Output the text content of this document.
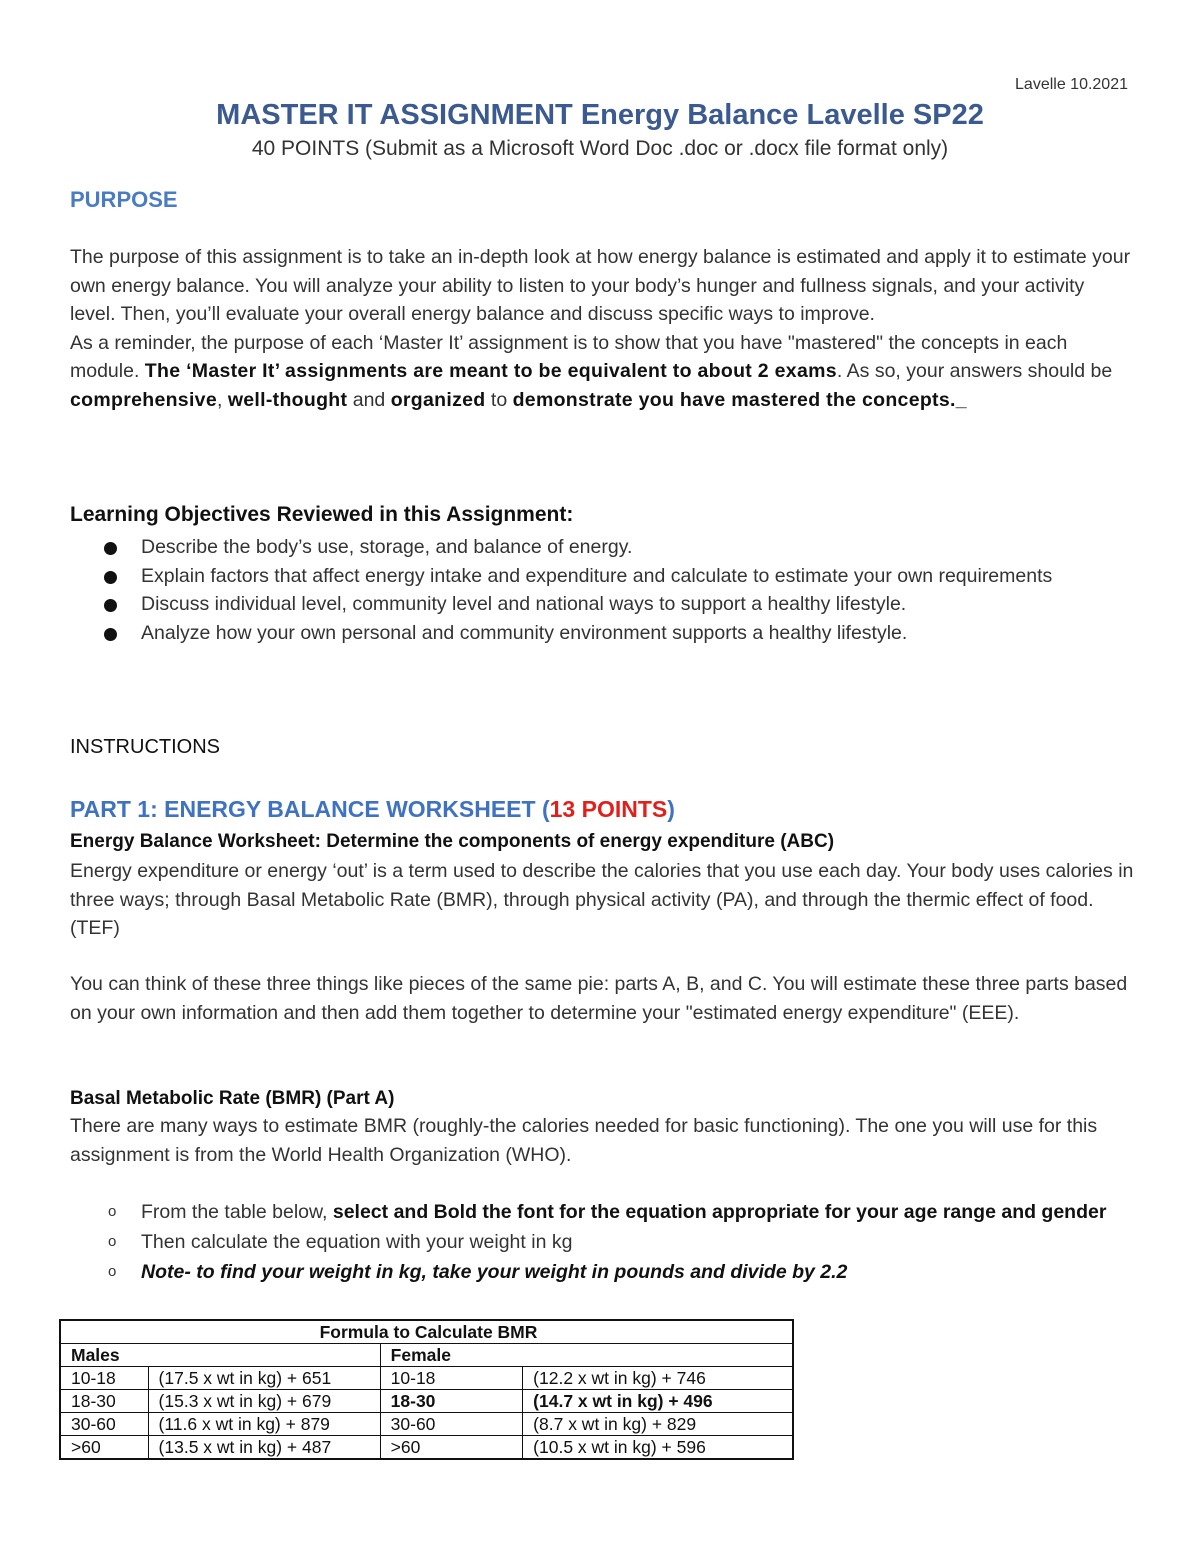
Lavelle 10.2021
MASTER IT ASSIGNMENT Energy Balance Lavelle SP22
40 POINTS (Submit as a Microsoft Word Doc .doc or .docx file format only)
PURPOSE
The purpose of this assignment is to take an in-depth look at how energy balance is estimated and apply it to estimate your own energy balance. You will analyze your ability to listen to your body’s hunger and fullness signals, and your activity level. Then, you’ll evaluate your overall energy balance and discuss specific ways to improve.
As a reminder, the purpose of each ‘Master It’ assignment is to show that you have "mastered" the concepts in each module. The ‘Master It’ assignments are meant to be equivalent to about 2 exams. As so, your answers should be comprehensive, well-thought and organized to demonstrate you have mastered the concepts._
Learning Objectives Reviewed in this Assignment:
Describe the body’s use, storage, and balance of energy.
Explain factors that affect energy intake and expenditure and calculate to estimate your own requirements
Discuss individual level, community level and national ways to support a healthy lifestyle.
Analyze how your own personal and community environment supports a healthy lifestyle.
INSTRUCTIONS
PART 1: ENERGY BALANCE WORKSHEET (13 POINTS)
Energy Balance Worksheet: Determine the components of energy expenditure (ABC)
Energy expenditure or energy ‘out’ is a term used to describe the calories that you use each day. Your body uses calories in three ways; through Basal Metabolic Rate (BMR), through physical activity (PA), and through the thermic effect of food. (TEF)
You can think of these three things like pieces of the same pie: parts A, B, and C. You will estimate these three parts based on your own information and then add them together to determine your "estimated energy expenditure" (EEE).
Basal Metabolic Rate (BMR) (Part A)
There are many ways to estimate BMR (roughly-the calories needed for basic functioning). The one you will use for this assignment is from the World Health Organization (WHO).
o From the table below, select and Bold the font for the equation appropriate for your age range and gender
o Then calculate the equation with your weight in kg
o Note- to find your weight in kg, take your weight in pounds and divide by 2.2
Formula to Calculate BMR			
Males		Female	
10-18	(17.5 x wt in kg) + 651	10-18	(12.2 x wt in kg) + 746
18-30	(15.3 x wt in kg) + 679	18-30	(14.7 x wt in kg) + 496
30-60	(11.6 x wt in kg) + 879	30-60	(8.7 x wt in kg) + 829
>60	(13.5 x wt in kg) + 487	>60	(10.5 x wt in kg) + 596
